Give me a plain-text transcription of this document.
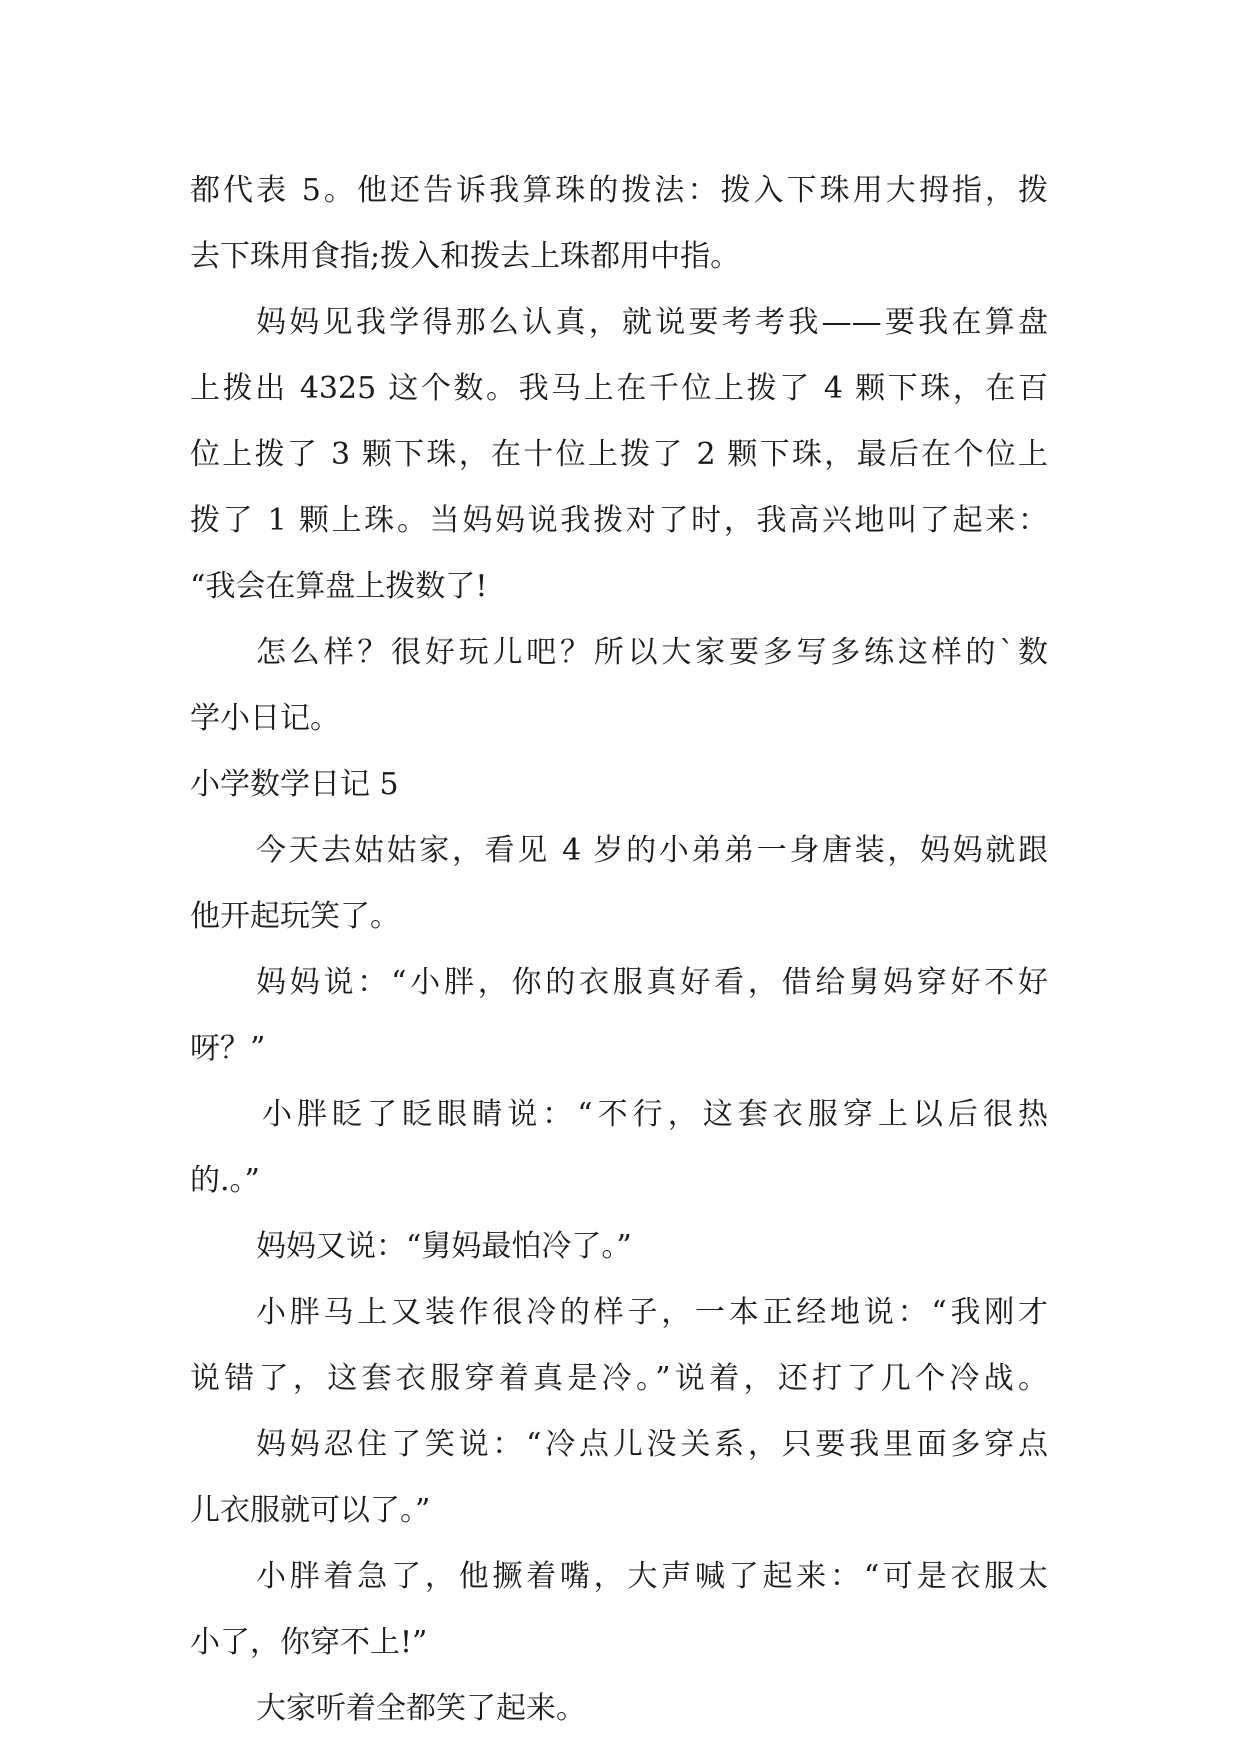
都代表 5。他还告诉我算珠的拨法：拨入下珠用大拇指，拨
去下珠用食指;拨入和拨去上珠都用中指。
妈妈见我学得那么认真，就说要考考我——要我在算盘
上拨出 4325 这个数。我马上在千位上拨了 4 颗下珠，在百
位上拨了 3 颗下珠，在十位上拨了 2 颗下珠，最后在个位上
拨了 1 颗上珠。当妈妈说我拨对了时，我高兴地叫了起来：
“我会在算盘上拨数了!
怎么样？很好玩儿吧？所以大家要多写多练这样的`数
学小日记。
小学数学日记 5
今天去姑姑家，看见 4 岁的小弟弟一身唐装，妈妈就跟
他开起玩笑了。
妈妈说：“小胖，你的衣服真好看，借给舅妈穿好不好
呀？”
小胖眨了眨眼睛说：“不行，这套衣服穿上以后很热
的.。”
妈妈又说：“舅妈最怕冷了。”
小胖马上又装作很冷的样子，一本正经地说：“我刚才
说错了，这套衣服穿着真是冷。”说着，还打了几个冷战。
妈妈忍住了笑说：“冷点儿没关系，只要我里面多穿点
儿衣服就可以了。”
小胖着急了，他撅着嘴，大声喊了起来：“可是衣服太
小了，你穿不上!”
大家听着全都笑了起来。
